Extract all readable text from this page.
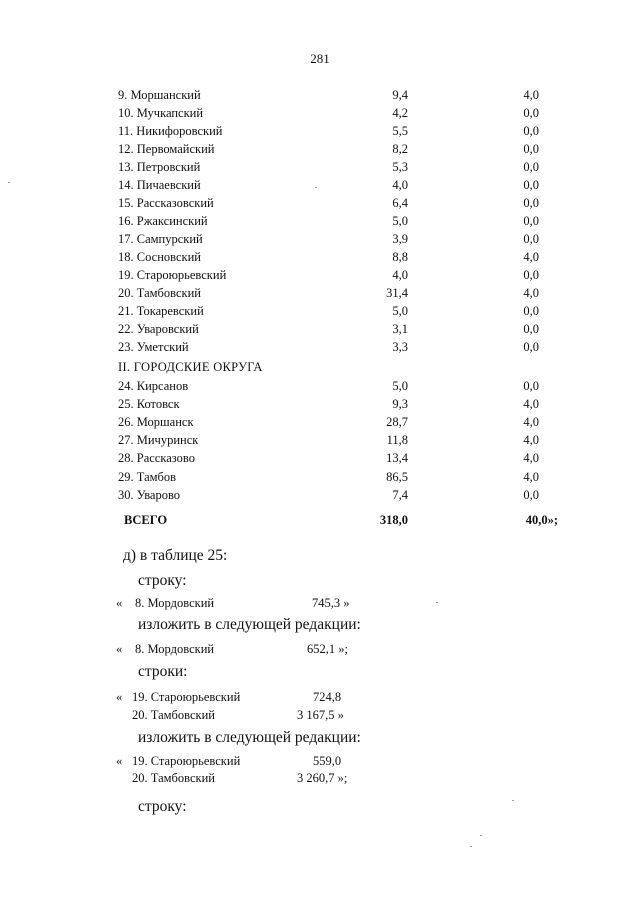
281
9. Моршанский	9,4	4,0
10. Мучкапский	4,2	0,0
11. Никифоровский	5,5	0,0
12. Первомайский	8,2	0,0
13. Петровский	5,3	0,0
14. Пичаевский	4,0	0,0
15. Рассказовский	6,4	0,0
16. Ржаксинский	5,0	0,0
17. Сампурский	3,9	0,0
18. Сосновский	8,8	4,0
19. Староюрьевский	4,0	0,0
20. Тамбовский	31,4	4,0
21. Токаревский	5,0	0,0
22. Уваровский	3,1	0,0
23. Уметский	3,3	0,0
II. ГОРОДСКИЕ ОКРУГА
24. Кирсанов	5,0	0,0
25. Котовск	9,3	4,0
26. Моршанск	28,7	4,0
27. Мичуринск	11,8	4,0
28. Рассказово	13,4	4,0
29. Тамбов	86,5	4,0
30. Уварово	7,4	0,0
ВСЕГО	318,0	40,0»;
д) в таблице 25:
строку:
« 8. Мордовский	745,3 »
изложить в следующей редакции:
« 8. Мордовский	652,1 »;
строки:
« 19. Староюрьевский	724,8
20. Тамбовский	3 167,5 »
изложить в следующей редакции:
« 19. Староюрьевский	559,0
20. Тамбовский	3 260,7 »;
строку:
